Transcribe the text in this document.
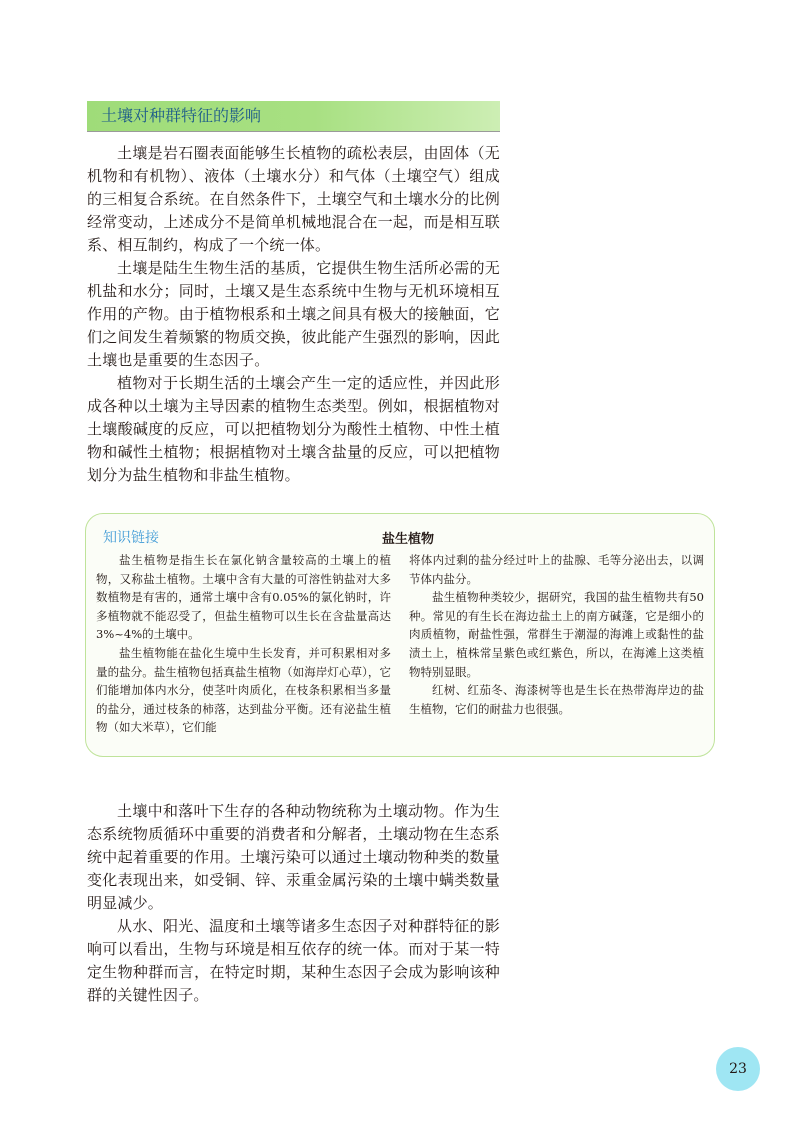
土壤对种群特征的影响

土壤是岩石圈表面能够生长植物的疏松表层，由固体（无机物和有机物）、液体（土壤水分）和气体（土壤空气）组成的三相复合系统。在自然条件下，土壤空气和土壤水分的比例经常变动，上述成分不是简单机械地混合在一起，而是相互联系、相互制约，构成了一个统一体。

土壤是陆生生物生活的基质，它提供生物生活所必需的无机盐和水分；同时，土壤又是生态系统中生物与无机环境相互作用的产物。由于植物根系和土壤之间具有极大的接触面，它们之间发生着频繁的物质交换，彼此能产生强烈的影响，因此土壤也是重要的生态因子。

植物对于长期生活的土壤会产生一定的适应性，并因此形成各种以土壤为主导因素的植物生态类型。例如，根据植物对土壤酸碱度的反应，可以把植物划分为酸性土植物、中性土植物和碱性土植物；根据植物对土壤含盐量的反应，可以把植物划分为盐生植物和非盐生植物。

知识链接	盐生植物

盐生植物是指生长在氯化钠含量较高的土壤上的植物，又称盐土植物。土壤中含有大量的可溶性钠盐对大多数植物是有害的，通常土壤中含有0.05%的氯化钠时，许多植物就不能忍受了，但盐生植物可以生长在含盐量高达3%~4%的土壤中。

盐生植物能在盐化生境中生长发育，并可积累相对多量的盐分。盐生植物包括真盐生植物（如海岸灯心草），它们能增加体内水分，使茎叶肉质化，在枝条积累相当多量的盐分，通过枝条的柿落，达到盐分平衡。还有泌盐生植物（如大米草），它们能

将体内过剩的盐分经过叶上的盐腺、毛等分泌出去，以调节体内盐分。

盐生植物种类较少，据研究，我国的盐生植物共有50种。常见的有生长在海边盐土上的南方碱蓬，它是细小的肉质植物，耐盐性强，常群生于潮湿的海滩上或黏性的盐渍土上，植株常呈紫色或红紫色，所以，在海滩上这类植物特别显眼。

红树、红茄冬、海漆树等也是生长在热带海岸边的盐生植物，它们的耐盐力也很强。

土壤中和落叶下生存的各种动物统称为土壤动物。作为生态系统物质循环中重要的消费者和分解者，土壤动物在生态系统中起着重要的作用。土壤污染可以通过土壤动物种类的数量变化表现出来，如受铜、锌、汞重金属污染的土壤中螨类数量明显减少。

从水、阳光、温度和土壤等诸多生态因子对种群特征的影响可以看出，生物与环境是相互依存的统一体。而对于某一特定生物种群而言，在特定时期，某种生态因子会成为影响该种群的关键性因子。

23
